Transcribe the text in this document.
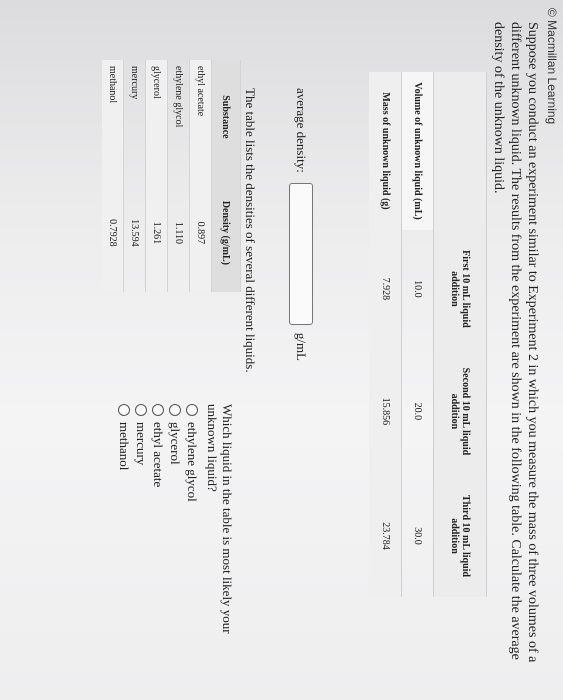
© Macmillan Learning
Suppose you conduct an experiment similar to Experiment 2 in which you measure the mass of three volumes of a different unknown liquid. The results from the experiment are shown in the following table. Calculate the average density of the unknown liquid.
	First 10 mL liquid addition	Second 10 mL liquid addition	Third 10 mL liquid addition
Volume of unknown liquid (mL)	10.0	20.0	30.0
Mass of unknown liquid (g)	7.928	15.856	23.784
average density:
g/mL
The table lists the densities of several different liquids.
Substance	Density (g/mL)
ethyl acetate	0.897
ethylene glycol	1.110
glycerol	1.261
mercury	13.594
methanol	0.7928
Which liquid in the table is most likely your unknown liquid?
ethylene glycol
glycerol
ethyl acetate
mercury
methanol
